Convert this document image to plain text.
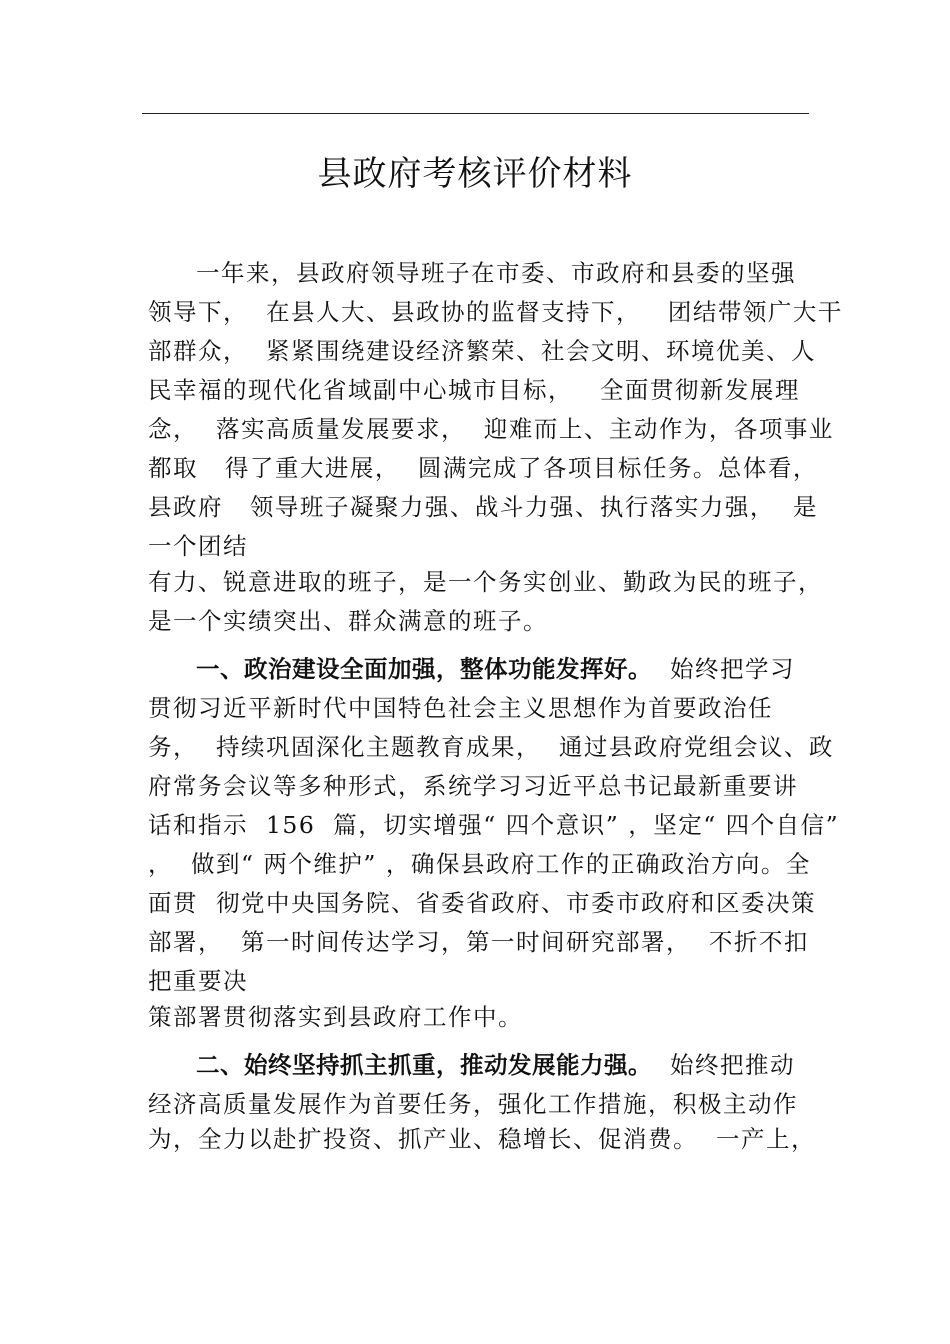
县政府考核评价材料
一年来，县政府领导班子在市委、市政府和县委的坚强
领导下，  在县人大、县政协的监督支持下，   团结带领广大干
部群众，  紧紧围绕建设经济繁荣、社会文明、环境优美、人
民幸福的现代化省域副中心城市目标，   全面贯彻新发展理
念，  落实高质量发展要求，  迎难而上、主动作为，各项事业
都取   得了重大进展，  圆满完成了各项目标任务。总体看，
县政府   领导班子凝聚力强、战斗力强、执行落实力强，  是
一个团结
有力、锐意进取的班子，是一个务实创业、勤政为民的班子，
是一个实绩突出、群众满意的班子。
一、政治建设全面加强，整体功能发挥好。  始终把学习
贯彻习近平新时代中国特色社会主义思想作为首要政治任
务，  持续巩固深化主题教育成果，  通过县政府党组会议、政
府常务会议等多种形式，系统学习习近平总书记最新重要讲
话和指示  156  篇，切实增强“ 四个意识” ，坚定“ 四个自信”
，  做到“ 两个维护” ，确保县政府工作的正确政治方向。全
面贯  彻党中央国务院、省委省政府、市委市政府和区委决策
部署，  第一时间传达学习，第一时间研究部署，  不折不扣
把重要决
策部署贯彻落实到县政府工作中。
二、始终坚持抓主抓重，推动发展能力强。  始终把推动
经济高质量发展作为首要任务，强化工作措施，积极主动作
为，全力以赴扩投资、抓产业、稳增长、促消费。  一产上，
